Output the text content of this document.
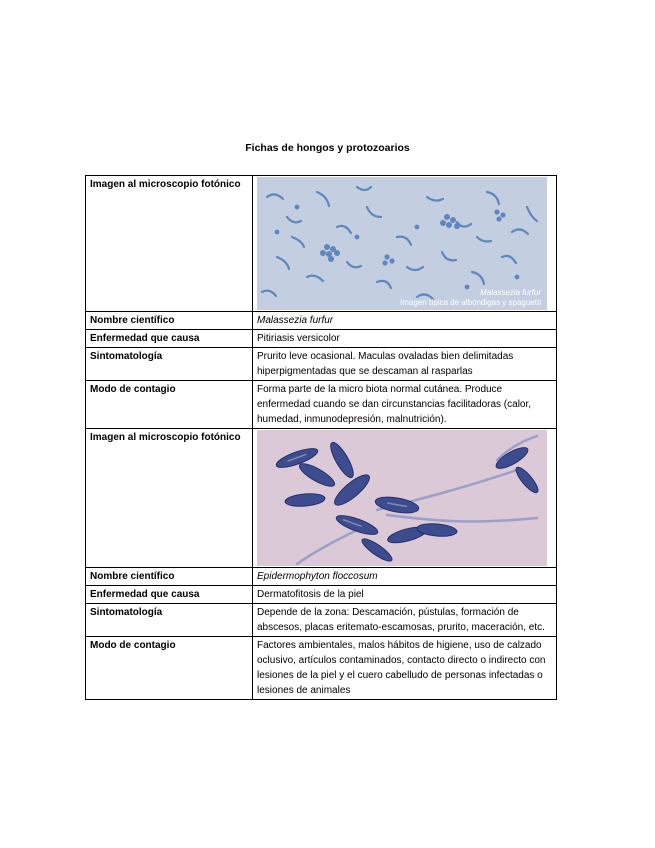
Fichas de hongos y protozoarios
Imagen al microscopio fotónico	Malassezia furfur
Imagen típica de albóndigas y spaguetti

Nombre científico	Malassezia furfur
Enfermedad que causa	Pitiriasis versicolor
Sintomatología	Prurito leve ocasional. Maculas ovaladas bien delimitadas hiperpigmentadas que se descaman al rasparlas
Modo de contagio	Forma parte de la micro biota normal cutánea. Produce enfermedad cuando se dan circunstancias facilitadoras (calor, humedad, inmunodepresión, malnutrición).
Imagen al microscopio fotónico	

Nombre científico	Epidermophyton floccosum
Enfermedad que causa	Dermatofitosis de la piel
Sintomatología	Depende de la zona: Descamación, pústulas, formación de abscesos, placas eritemato-escamosas, prurito, maceración, etc.
Modo de contagio	Factores ambientales, malos hábitos de higiene, uso de calzado oclusivo, artículos contaminados, contacto directo o indirecto con lesiones de la piel y el cuero cabelludo de personas infectadas o lesiones de animales
